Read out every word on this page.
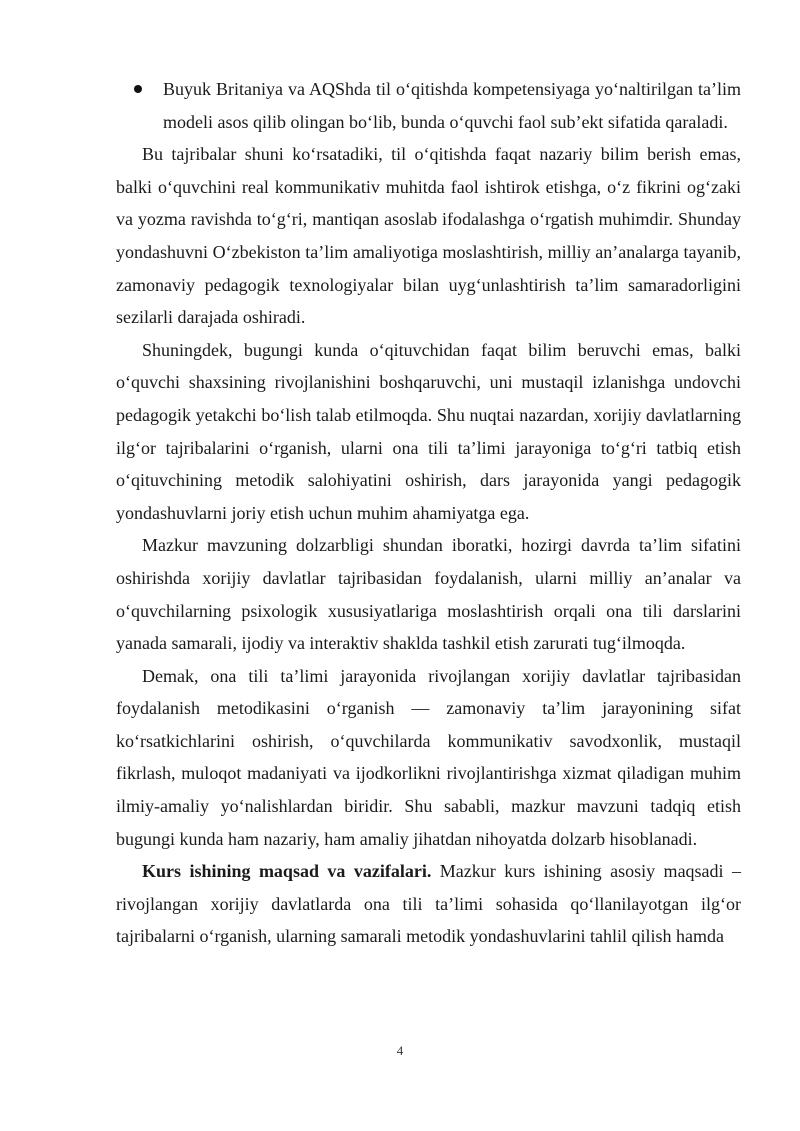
Buyuk Britaniya va AQShda til o‘qitishda kompetensiyaga yo‘naltirilgan ta’lim modeli asos qilib olingan bo‘lib, bunda o‘quvchi faol sub’ekt sifatida qaraladi.

Bu tajribalar shuni ko‘rsatadiki, til o‘qitishda faqat nazariy bilim berish emas, balki o‘quvchini real kommunikativ muhitda faol ishtirok etishga, o‘z fikrini og‘zaki va yozma ravishda to‘g‘ri, mantiqan asoslab ifodalashga o‘rgatish muhimdir. Shunday yondashuvni O‘zbekiston ta’lim amaliyotiga moslashtirish, milliy an’analarga tayanib, zamonaviy pedagogik texnologiyalar bilan uyg‘unlashtirish ta’lim samaradorligini sezilarli darajada oshiradi.

Shuningdek, bugungi kunda o‘qituvchidan faqat bilim beruvchi emas, balki o‘quvchi shaxsining rivojlanishini boshqaruvchi, uni mustaqil izlanishga undovchi pedagogik yetakchi bo‘lish talab etilmoqda. Shu nuqtai nazardan, xorijiy davlatlarning ilg‘or tajribalarini o‘rganish, ularni ona tili ta’limi jarayoniga to‘g‘ri tatbiq etish o‘qituvchining metodik salohiyatini oshirish, dars jarayonida yangi pedagogik yondashuvlarni joriy etish uchun muhim ahamiyatga ega.

Mazkur mavzuning dolzarbligi shundan iboratki, hozirgi davrda ta’lim sifatini oshirishda xorijiy davlatlar tajribasidan foydalanish, ularni milliy an’analar va o‘quvchilarning psixologik xususiyatlariga moslashtirish orqali ona tili darslarini yanada samarali, ijodiy va interaktiv shaklda tashkil etish zarurati tug‘ilmoqda.

Demak, ona tili ta’limi jarayonida rivojlangan xorijiy davlatlar tajribasidan foydalanish metodikasini o‘rganish — zamonaviy ta’lim jarayonining sifat ko‘rsatkichlarini oshirish, o‘quvchilarda kommunikativ savodxonlik, mustaqil fikrlash, muloqot madaniyati va ijodkorlikni rivojlantirishga xizmat qiladigan muhim ilmiy-amaliy yo‘nalishlardan biridir. Shu sababli, mazkur mavzuni tadqiq etish bugungi kunda ham nazariy, ham amaliy jihatdan nihoyatda dolzarb hisoblanadi.

Kurs ishining maqsad va vazifalari. Mazkur kurs ishining asosiy maqsadi – rivojlangan xorijiy davlatlarda ona tili ta’limi sohasida qo‘llanilayotgan ilg‘or tajribalarni o‘rganish, ularning samarali metodik yondashuvlarini tahlil qilish hamda

4
